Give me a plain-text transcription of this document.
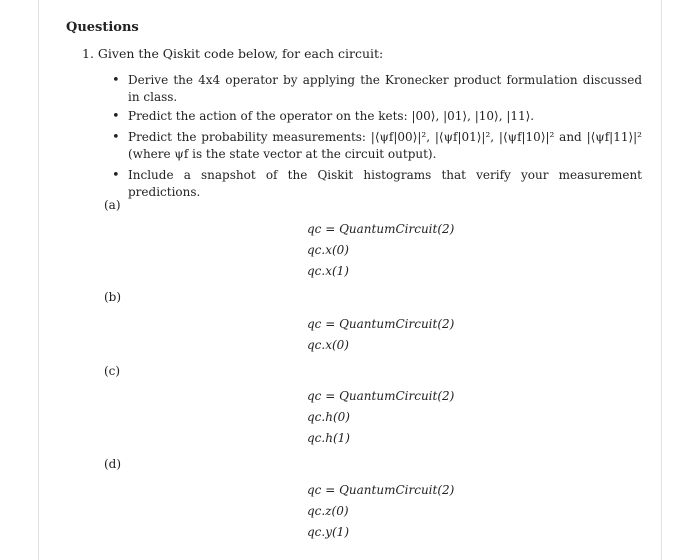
Questions
1. Given the Qiskit code below, for each circuit:
• Derive the 4x4 operator by applying the Kronecker product formulation discussed in class.
• Predict the action of the operator on the kets: |00⟩, |01⟩, |10⟩, |11⟩.
• Predict the probability measurements: |⟨ψf|00⟩|², |⟨ψf|01⟩|², |⟨ψf|10⟩|² and |⟨ψf|11⟩|² (where ψf is the state vector at the circuit output).
• Include a snapshot of the Qiskit histograms that verify your measurement predictions.
(a)
qc = QuantumCircuit(2)
qc.x(0)
qc.x(1)
(b)
qc = QuantumCircuit(2)
qc.x(0)
(c)
qc = QuantumCircuit(2)
qc.h(0)
qc.h(1)
(d)
qc = QuantumCircuit(2)
qc.z(0)
qc.y(1)
